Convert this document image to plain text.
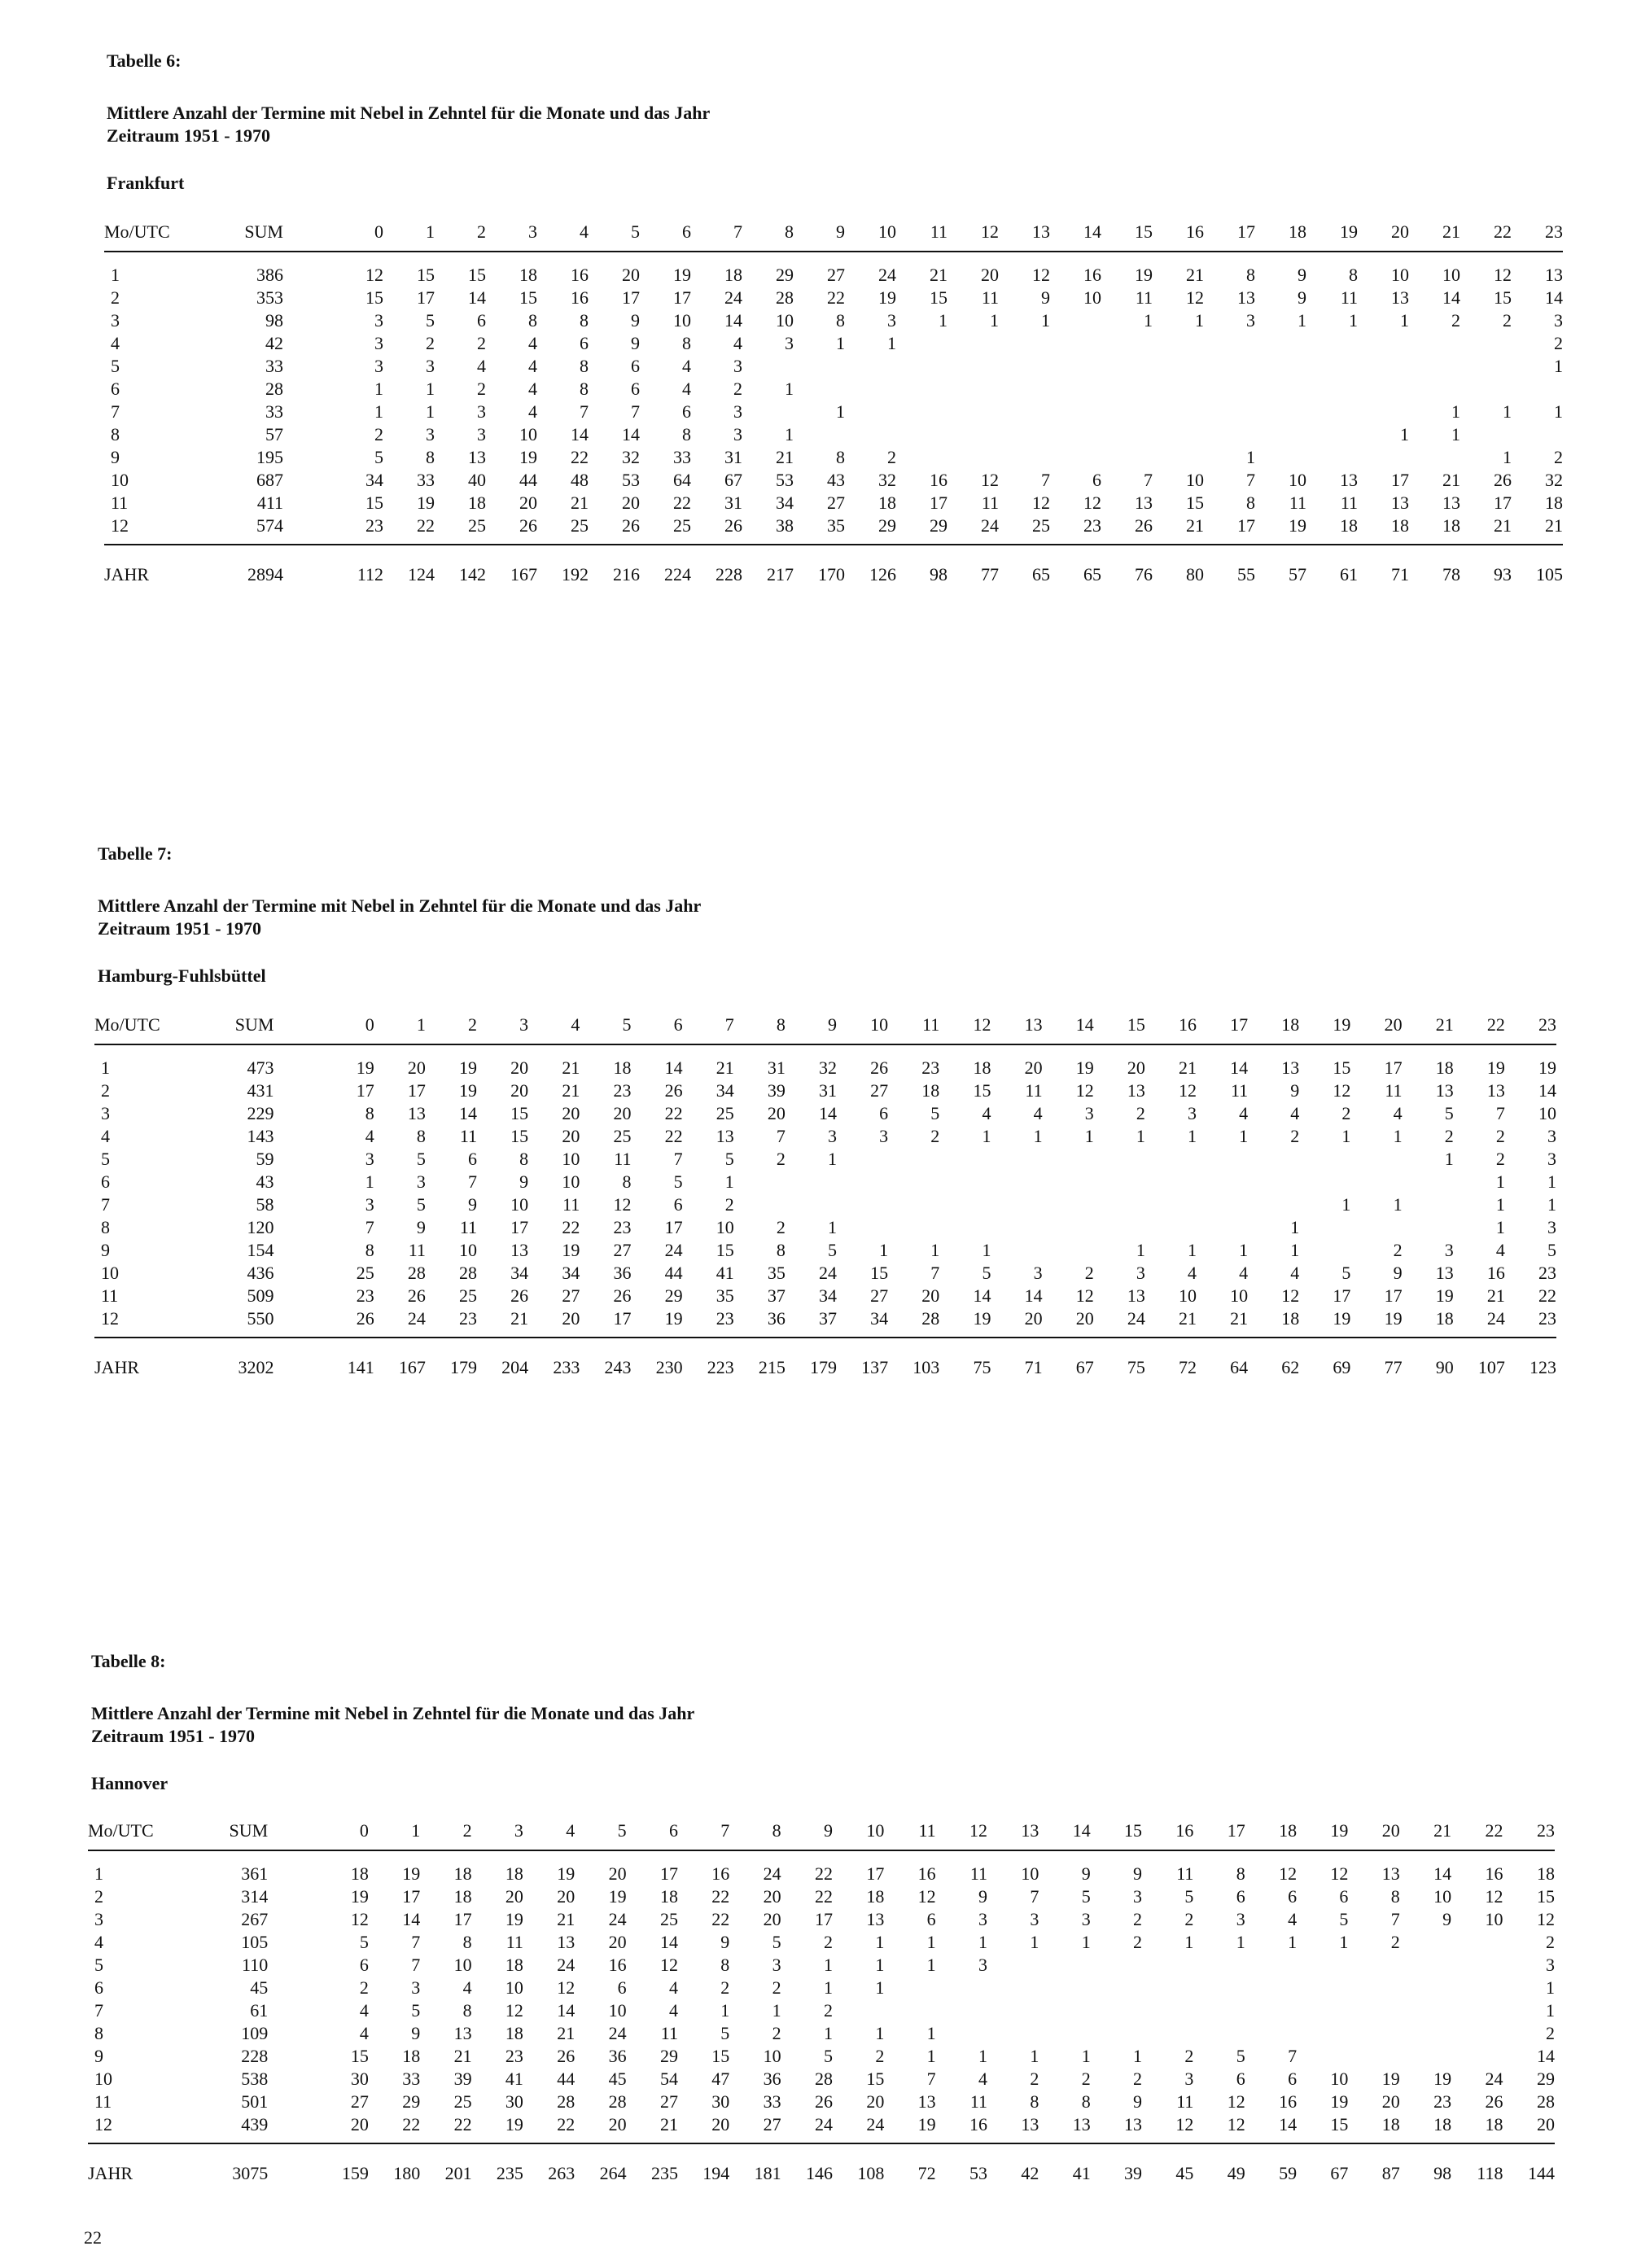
Tabelle 6:
Mittlere Anzahl der Termine mit Nebel in Zehntel für die Monate und das Jahr
Zeitraum 1951 - 1970
Frankfurt
Mo/UTC	SUM		0	1	2	3	4	5	6	7	8	9	10	11	12	13	14	15	16	17	18	19	20	21	22	23
1	386		12	15	15	18	16	20	19	18	29	27	24	21	20	12	16	19	21	8	9	8	10	10	12	13
2	353		15	17	14	15	16	17	17	24	28	22	19	15	11	9	10	11	12	13	9	11	13	14	15	14
3	98		3	5	6	8	8	9	10	14	10	8	3	1	1	1		1	1	3	1	1	1	2	2	3
4	42		3	2	2	4	6	9	8	4	3	1	1													2
5	33		3	3	4	4	8	6	4	3																1
6	28		1	1	2	4	8	6	4	2	1															
7	33		1	1	3	4	7	7	6	3		1												1	1	1
8	57		2	3	3	10	14	14	8	3	1												1	1		
9	195		5	8	13	19	22	32	33	31	21	8	2							1					1	2
10	687		34	33	40	44	48	53	64	67	53	43	32	16	12	7	6	7	10	7	10	13	17	21	26	32
11	411		15	19	18	20	21	20	22	31	34	27	18	17	11	12	12	13	15	8	11	11	13	13	17	18
12	574		23	22	25	26	25	26	25	26	38	35	29	29	24	25	23	26	21	17	19	18	18	18	21	21
JAHR	2894		112	124	142	167	192	216	224	228	217	170	126	98	77	65	65	76	80	55	57	61	71	78	93	105
Tabelle 7:
Mittlere Anzahl der Termine mit Nebel in Zehntel für die Monate und das Jahr
Zeitraum 1951 - 1970
Hamburg-Fuhlsbüttel
Mo/UTC	SUM		0	1	2	3	4	5	6	7	8	9	10	11	12	13	14	15	16	17	18	19	20	21	22	23
1	473		19	20	19	20	21	18	14	21	31	32	26	23	18	20	19	20	21	14	13	15	17	18	19	19
2	431		17	17	19	20	21	23	26	34	39	31	27	18	15	11	12	13	12	11	9	12	11	13	13	14
3	229		8	13	14	15	20	20	22	25	20	14	6	5	4	4	3	2	3	4	4	2	4	5	7	10
4	143		4	8	11	15	20	25	22	13	7	3	3	2	1	1	1	1	1	1	2	1	1	2	2	3
5	59		3	5	6	8	10	11	7	5	2	1												1	2	3
6	43		1	3	7	9	10	8	5	1															1	1
7	58		3	5	9	10	11	12	6	2												1	1		1	1
8	120		7	9	11	17	22	23	17	10	2	1									1				1	3
9	154		8	11	10	13	19	27	24	15	8	5	1	1	1			1	1	1	1		2	3	4	5
10	436		25	28	28	34	34	36	44	41	35	24	15	7	5	3	2	3	4	4	4	5	9	13	16	23
11	509		23	26	25	26	27	26	29	35	37	34	27	20	14	14	12	13	10	10	12	17	17	19	21	22
12	550		26	24	23	21	20	17	19	23	36	37	34	28	19	20	20	24	21	21	18	19	19	18	24	23
JAHR	3202		141	167	179	204	233	243	230	223	215	179	137	103	75	71	67	75	72	64	62	69	77	90	107	123
Tabelle 8:
Mittlere Anzahl der Termine mit Nebel in Zehntel für die Monate und das Jahr
Zeitraum 1951 - 1970
Hannover
Mo/UTC	SUM		0	1	2	3	4	5	6	7	8	9	10	11	12	13	14	15	16	17	18	19	20	21	22	23
1	361		18	19	18	18	19	20	17	16	24	22	17	16	11	10	9	9	11	8	12	12	13	14	16	18
2	314		19	17	18	20	20	19	18	22	20	22	18	12	9	7	5	3	5	6	6	6	8	10	12	15
3	267		12	14	17	19	21	24	25	22	20	17	13	6	3	3	3	2	2	3	4	5	7	9	10	12
4	105		5	7	8	11	13	20	14	9	5	2	1	1	1	1	1	2	1	1	1	1	2			2
5	110		6	7	10	18	24	16	12	8	3	1	1	1	3											3
6	45		2	3	4	10	12	6	4	2	2	1	1													1
7	61		4	5	8	12	14	10	4	1	1	2														1
8	109		4	9	13	18	21	24	11	5	2	1	1	1												2
9	228		15	18	21	23	26	36	29	15	10	5	2	1	1	1	1	1	2	5	7					14
10	538		30	33	39	41	44	45	54	47	36	28	15	7	4	2	2	2	3	6	6	10	19	19	24	29
11	501		27	29	25	30	28	28	27	30	33	26	20	13	11	8	8	9	11	12	16	19	20	23	26	28
12	439		20	22	22	19	22	20	21	20	27	24	24	19	16	13	13	13	12	12	14	15	18	18	18	20
JAHR	3075		159	180	201	235	263	264	235	194	181	146	108	72	53	42	41	39	45	49	59	67	87	98	118	144
22
